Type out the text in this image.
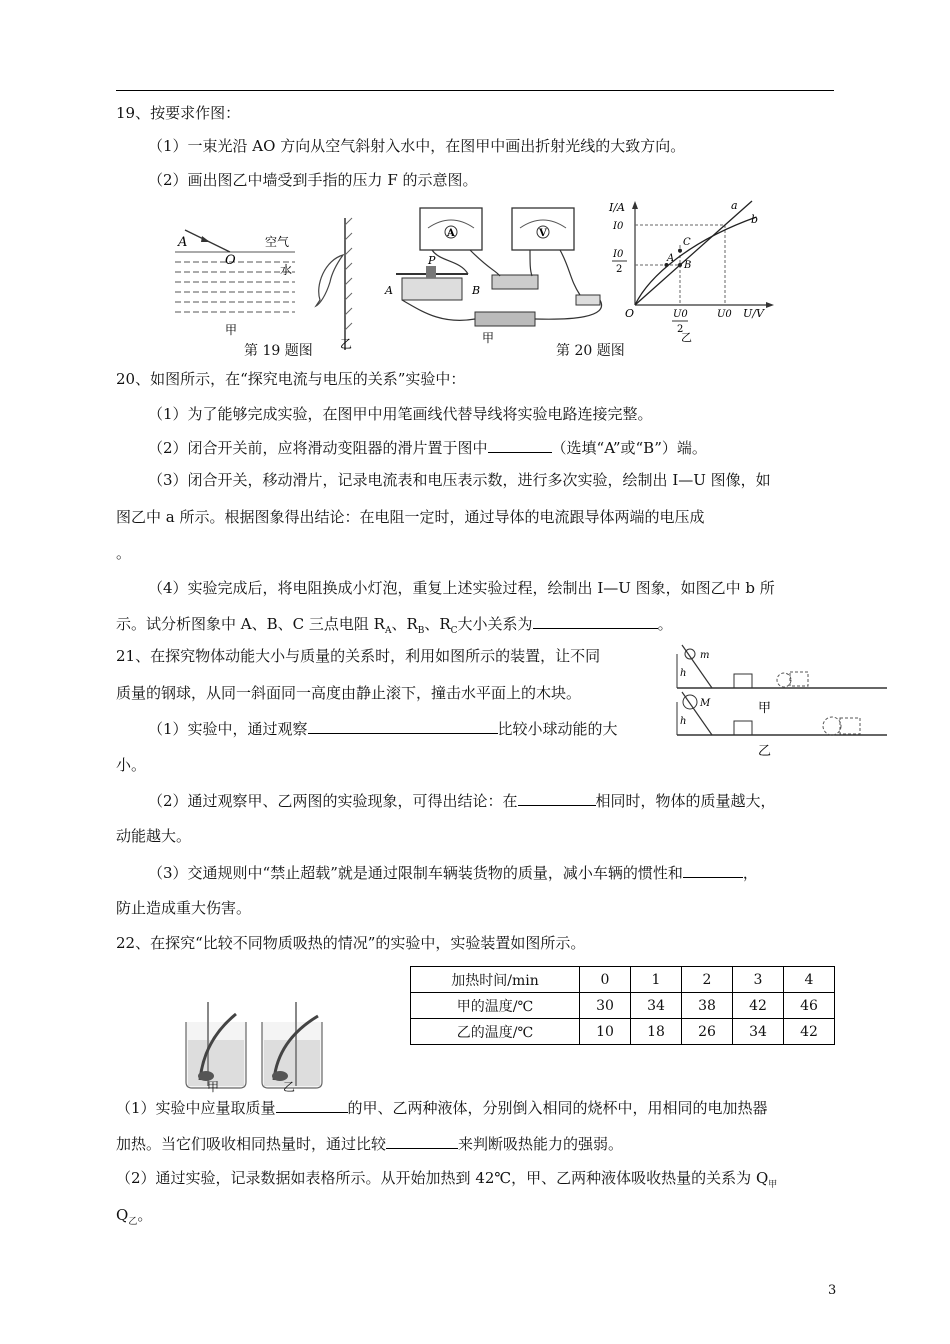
19、按要求作图：
（1）一束光沿 AO 方向从空气斜射入水中，在图甲中画出折射光线的大致方向。
（2）画出图乙中墙受到手指的压力 F 的示意图。
A
O
空气
水
甲
乙
第 19 题图
A	V
P
A	B
甲
I/A
U/V
I0
I0
2
U0
2
U0
O
a
b
A
B
C
乙
第 20 题图
20、如图所示，在“探究电流与电压的关系”实验中：
（1）为了能够完成实验，在图甲中用笔画线代替导线将实验电路连接完整。
（2）闭合开关前，应将滑动变阻器的滑片置于图中	（选填“A”或“B”）端。
（3）闭合开关，移动滑片，记录电流表和电压表示数，进行多次实验，绘制出 I—U 图像，如
图乙中 a 所示。根据图象得出结论：在电阻一定时，通过导体的电流跟导体两端的电压成
。
（4）实验完成后，将电阻换成小灯泡，重复上述实验过程，绘制出 I—U 图象，如图乙中 b 所
示。试分析图象中 A、B、C 三点电阻 $R_A$、$R_B$、$R_C$大小关系为	。
21、在探究物体动能大小与质量的关系时，利用如图所示的装置，让不同
质量的钢球，从同一斜面同一高度由静止滚下，撞击水平面上的木块。
（1）实验中，通过观察	比较小球动能的大
小。
（2）通过观察甲、乙两图的实验现象，可得出结论：在	相同时，物体的质量越大，
动能越大。
（3）交通规则中“禁止超载”就是通过限制车辆装货物的质量，减小车辆的惯性和	，
防止造成重大伤害。
m
M
h
h
甲
乙
22、在探究“比较不同物质吸热的情况”的实验中，实验装置如图所示。
甲	乙
加热时间/min	0	1	2	3	4
甲的温度/℃	30	34	38	42	46
乙的温度/℃	10	18	26	34	42
（1）实验中应量取质量	的甲、乙两种液体，分别倒入相同的烧杯中，用相同的电加热器
加热。当它们吸收相同热量时，通过比较	来判断吸热能力的强弱。
（2）通过实验，记录数据如表格所示。从开始加热到 42℃，甲、乙两种液体吸收热量的关系为 $Q_甲$
$Q_乙$。
3
